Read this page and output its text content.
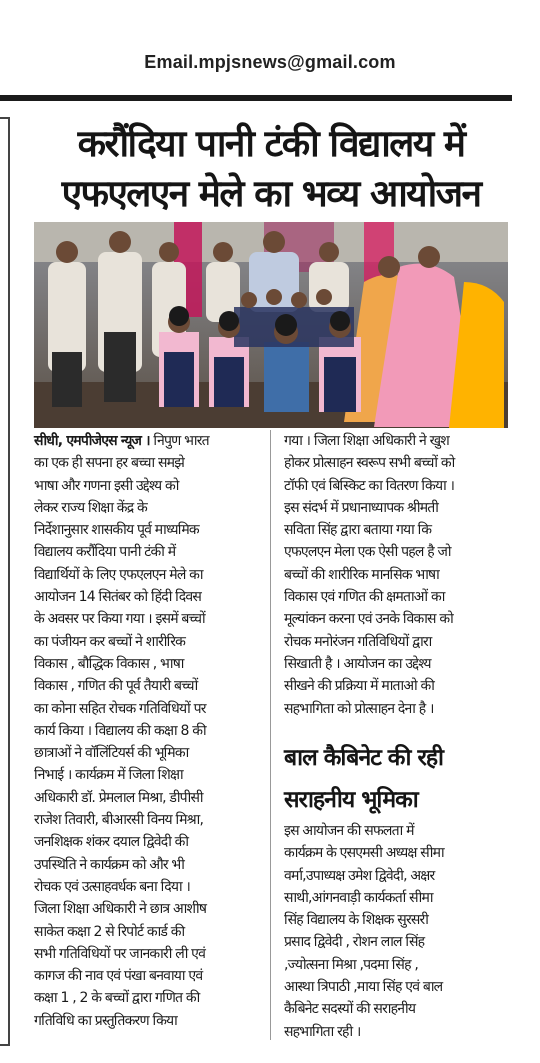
Email.mpjsnews@gmail.com
करौंदिया पानी टंकी विद्यालय में
एफएलएन मेले का भव्य आयोजन
सीधी, एमपीजेएस न्यूज । निपुण भारत
का एक ही सपना हर बच्चा समझे
भाषा और गणना इसी उद्देश्य को
लेकर राज्य शिक्षा केंद्र के
निर्देशानुसार शासकीय पूर्व माध्यमिक
विद्यालय करौंदिया पानी टंकी में
विद्यार्थियों के लिए एफएलएन मेले का
आयोजन 14 सितंबर को हिंदी दिवस
के अवसर पर किया गया । इसमें बच्चों
का पंजीयन कर बच्चों ने शारीरिक
विकास , बौद्धिक विकास , भाषा
विकास , गणित की पूर्व तैयारी बच्चों
का कोना सहित रोचक गतिविधियों पर
कार्य किया । विद्यालय की कक्षा 8 की
छात्राओं ने वॉलिंटियर्स की भूमिका
निभाई । कार्यक्रम में जिला शिक्षा
अधिकारी डॉ. प्रेमलाल मिश्रा, डीपीसी
राजेश तिवारी, बीआरसी विनय मिश्रा,
जनशिक्षक शंकर दयाल द्विवेदी की
उपस्थिति ने कार्यक्रम को और भी
रोचक एवं उत्साहवर्धक बना दिया ।
जिला शिक्षा अधिकारी ने छात्र आशीष
साकेत कक्षा 2 से रिपोर्ट कार्ड की
सभी गतिविधियों पर जानकारी ली एवं
कागज की नाव एवं पंखा बनवाया एवं
कक्षा 1 , 2 के बच्चों द्वारा गणित की
गतिविधि का प्रस्तुतिकरण किया
गया । जिला शिक्षा अधिकारी ने खुश
होकर प्रोत्साहन स्वरूप सभी बच्चों को
टॉफी एवं बिस्किट का वितरण किया ।
इस संदर्भ में प्रधानाध्यापक श्रीमती
सविता सिंह द्वारा बताया गया कि
एफएलएन मेला एक ऐसी पहल है जो
बच्चों की शारीरिक मानसिक भाषा
विकास एवं गणित की क्षमताओं का
मूल्यांकन करना एवं उनके विकास को
रोचक मनोरंजन गतिविधियों द्वारा
सिखाती है । आयोजन का उद्देश्य
सीखने की प्रक्रिया में माताओ की
सहभागिता को प्रोत्साहन देना है ।
बाल कैबिनेट की रही
सराहनीय भूमिका
इस आयोजन की सफलता में
कार्यक्रम के एसएमसी अध्यक्ष सीमा
वर्मा,उपाध्यक्ष उमेश द्विवेदी, अक्षर
साथी,आंगनवाड़ी कार्यकर्ता सीमा
सिंह विद्यालय के शिक्षक सुरसरी
प्रसाद द्विवेदी , रोशन लाल सिंह
,ज्योत्सना मिश्रा ,पदमा सिंह ,
आस्था त्रिपाठी ,माया सिंह एवं बाल
कैबिनेट सदस्यों की सराहनीय
सहभागिता रही ।
